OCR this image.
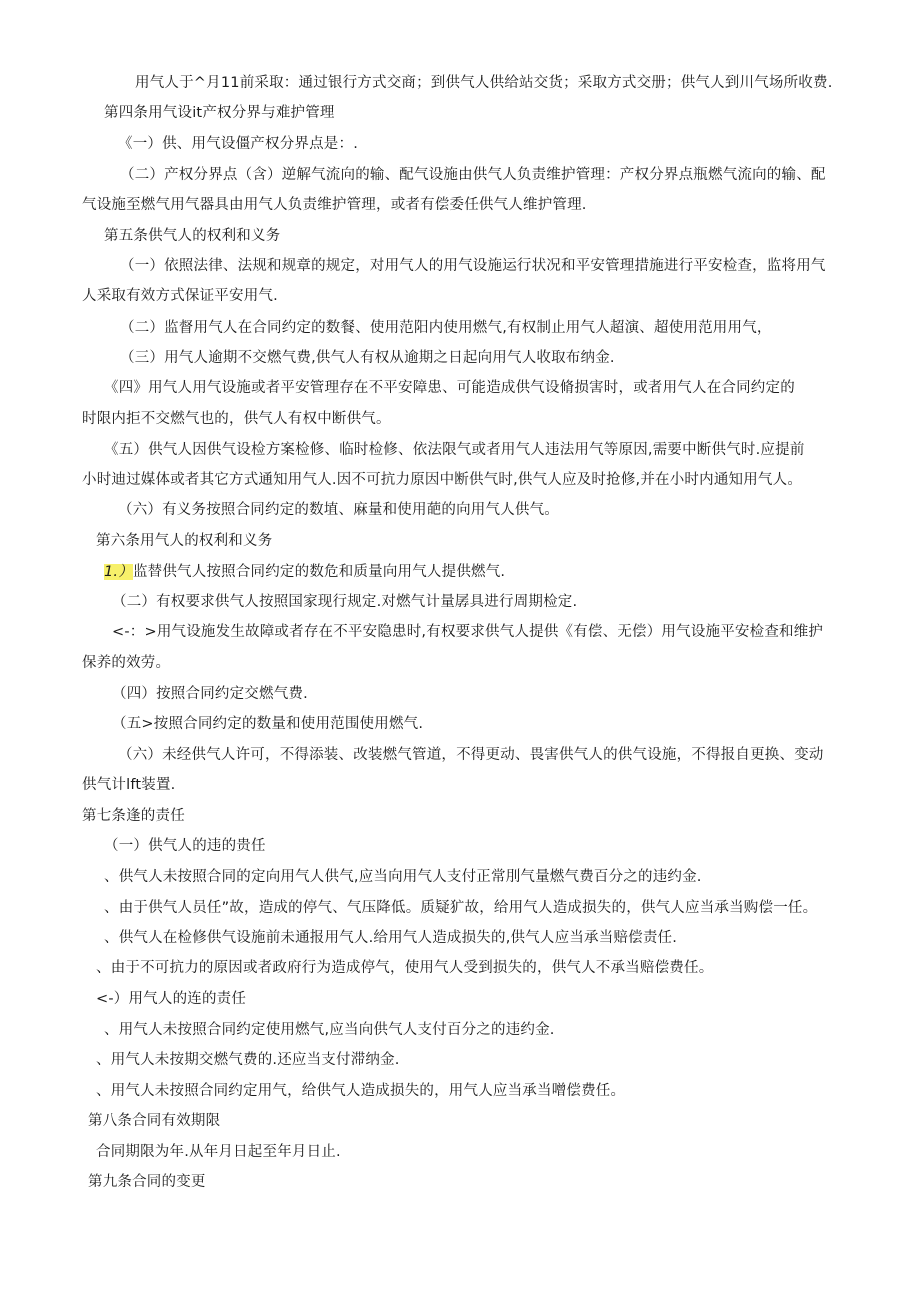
用气人于^月11前采取：通过银行方式交商；到供气人供给站交货；采取方式交册；供气人到川气场所收费.
第四条用气设it产权分界与难护管理
《一）供、用气设僵产权分界点是：.
（二）产权分界点（含）逆解气流向的输、配气设施由供气人负责维护管理：产权分界点瓶燃气流向的输、配
气设施至燃气用气器具由用气人负责维护管理，或者有偿委任供气人维护管理.
第五条供气人的权利和义务
（一）依照法律、法规和规章的规定，对用气人的用气设施运行状况和平安管理措施进行平安检查，监将用气
人采取有效方式保证平安用气.
（二）监督用气人在合同约定的数餐、使用范阳内使用燃气,有权制止用气人超演、超使用范用用气，
（三）用气人逾期不交燃气费,供气人有权从逾期之日起向用气人收取布纳金.
《四》用气人用气设施或者平安管理存在不平安障患、可能造成供气设脩损害时，或者用气人在合同约定的
时限内拒不交燃气也的，供气人有权中断供气。
《五）供气人因供气设检方案检修、临时检修、依法限气或者用气人违法用气等原因,需要中断供气时.应提前
小时迪过媒体或者其它方式通知用气人.因不可抗力原因中断供气时,供气人应及时抢修,并在小时内通知用气人。
（六）有义务按照合同约定的数埴、麻量和使用葩的向用气人供气。
第六条用气人的权利和义务
1.）监替供气人按照合同约定的数危和质量向用气人提供燃气.
（二）有权要求供气人按照国家现行规定.对燃气计量孱具进行周期检定.
<-：>用气设施发生故障或者存在不平安隐患时,有权要求供气人提供《有偿、无偿）用气设施平安检查和维护
保养的效劳。
（四）按照合同约定交燃气费.
（五>按照合同约定的数量和使用范围使用燃气.
（六）未经供气人许可，不得添装、改装燃气管道，不得更动、畏害供气人的供气设施，不得报自更换、变动
供气计lft装置.
第七条逢的责任
（一）供气人的违的贵任
、供气人未按照合同的定向用气人供气,应当向用气人支付正常刖气量燃气费百分之的违约金.
、由于供气人员任”故，造成的停气、气压降低。质疑犷故，给用气人造成损失的，供气人应当承当购偿一任。
、供气人在检修供气设施前未通报用气人.给用气人造成损失的,供气人应当承当赔偿责任.
、由于不可抗力的原因或者政府行为造成停气，使用气人受到损失的，供气人不承当赔偿费任。
<-）用气人的连的责任
、用气人未按照合同约定使用燃气,应当向供气人支付百分之的违约金.
、用气人未按期交燃气费的.还应当支付滞纳金.
、用气人未按照合同约定用气，给供气人造成损失的，用气人应当承当噌偿费任。
第八条合同有效期限
合同期限为年.从年月日起至年月日止.
第九条合同的变更
